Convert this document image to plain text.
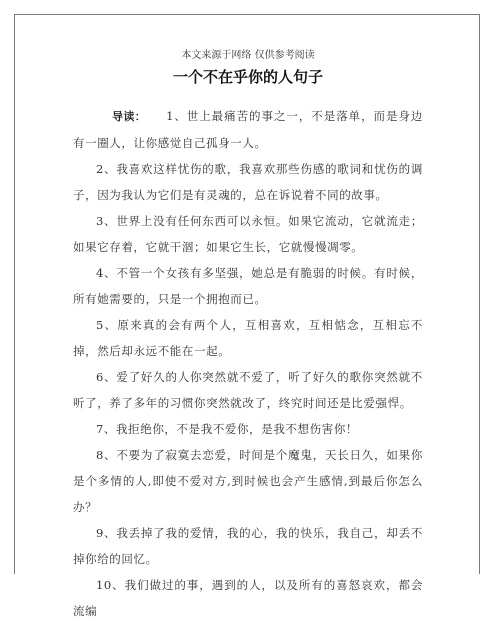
本文来源于网络 仅供参考阅读
一个不在乎你的人句子

导读： 1、世上最痛苦的事之一，不是落单，而是身边有一圈人，让你感觉自己孤身一人。

2、我喜欢这样忧伤的歌，我喜欢那些伤感的歌词和忧伤的调子，因为我认为它们是有灵魂的，总在诉说着不同的故事。

3、世界上没有任何东西可以永恒。如果它流动，它就流走；如果它存着，它就干涸；如果它生长，它就慢慢凋零。

4、不管一个女孩有多坚强，她总是有脆弱的时候。有时候，所有她需要的，只是一个拥抱而已。

5、原来真的会有两个人，互相喜欢，互相惦念，互相忘不掉，然后却永远不能在一起。

6、爱了好久的人你突然就不爱了，听了好久的歌你突然就不听了，养了多年的习惯你突然就改了，终究时间还是比爱强悍。

7、我拒绝你，不是我不爱你，是我不想伤害你！

8、不要为了寂寞去恋爱，时间是个魔鬼，天长日久，如果你是个多情的人,即使不爱对方,到时候也会产生感情,到最后你怎么办？

9、我丢掉了我的爱情，我的心，我的快乐，我自己，却丢不掉你给的回忆。

10、我们做过的事，遇到的人，以及所有的喜怒哀欢，都会流编
